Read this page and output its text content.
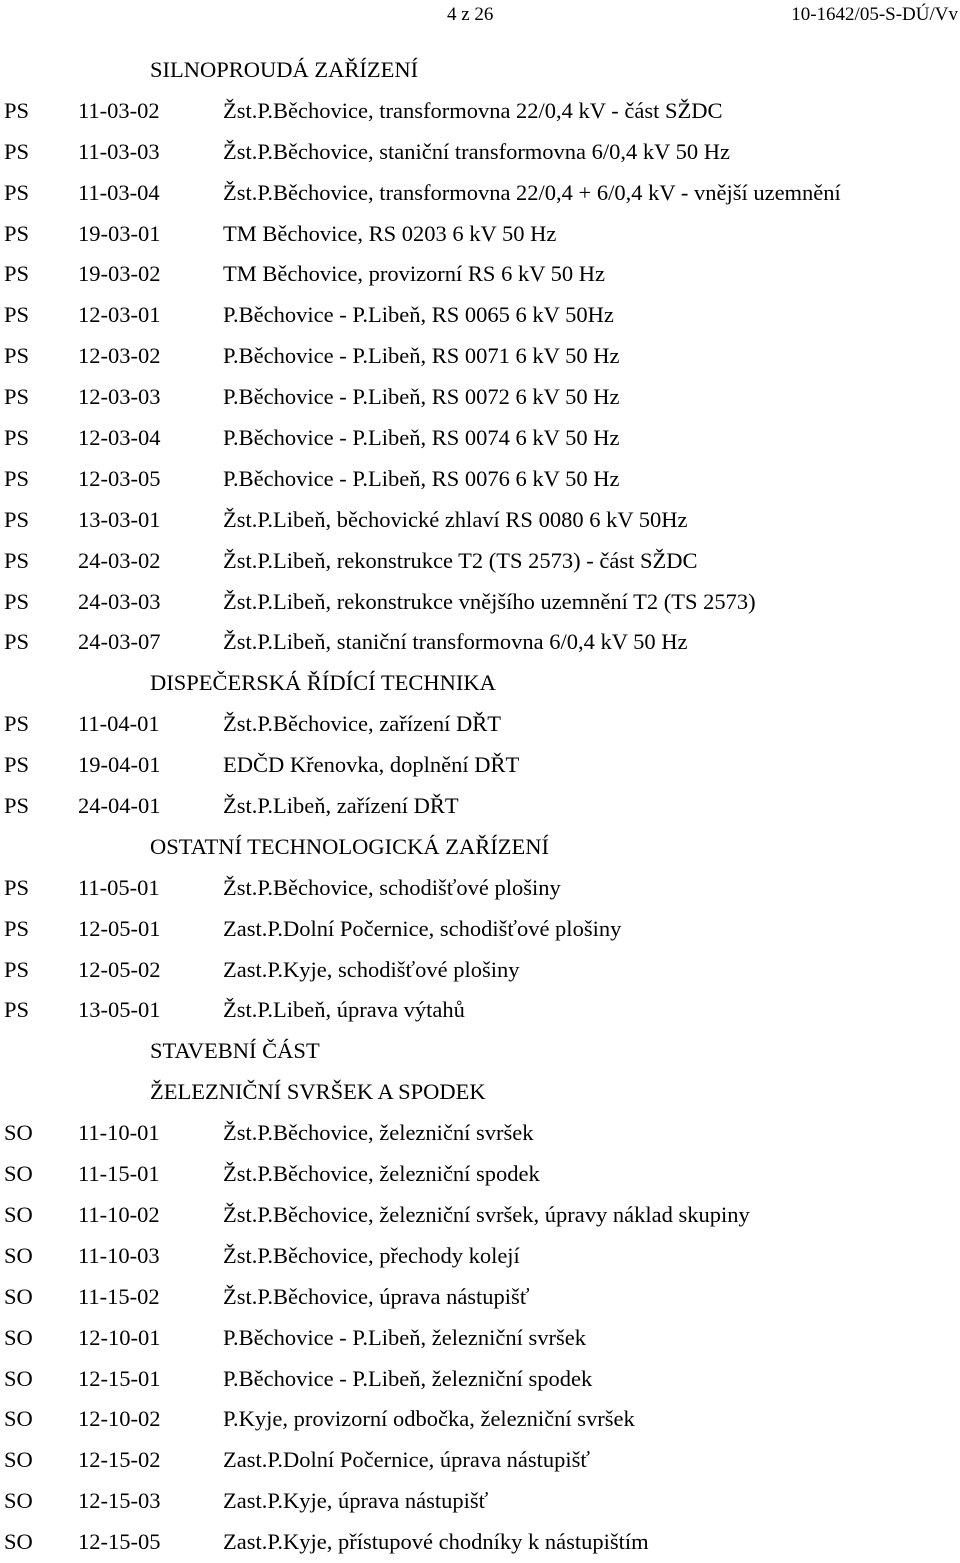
4 z 26	10-1642/05-S-DÚ/Vv
SILNOPROUDÁ ZAŘÍZENÍ
PS 11-03-02	Žst.P.Běchovice, transformovna 22/0,4 kV - část SŽDC
PS 11-03-03	Žst.P.Běchovice, staniční transformovna 6/0,4 kV 50 Hz
PS 11-03-04	Žst.P.Běchovice, transformovna 22/0,4 + 6/0,4 kV - vnější uzemnění
PS 19-03-01	TM Běchovice, RS 0203 6 kV 50 Hz
PS 19-03-02	TM Běchovice, provizorní RS 6 kV 50 Hz
PS 12-03-01	P.Běchovice - P.Libeň, RS 0065 6 kV 50Hz
PS 12-03-02	P.Běchovice - P.Libeň, RS 0071 6 kV 50 Hz
PS 12-03-03	P.Běchovice - P.Libeň, RS 0072 6 kV 50 Hz
PS 12-03-04	P.Běchovice - P.Libeň, RS 0074 6 kV 50 Hz
PS 12-03-05	P.Běchovice - P.Libeň, RS 0076 6 kV 50 Hz
PS 13-03-01	Žst.P.Libeň, běchovické zhlaví RS 0080 6 kV 50Hz
PS 24-03-02	Žst.P.Libeň, rekonstrukce T2 (TS 2573) - část SŽDC
PS 24-03-03	Žst.P.Libeň, rekonstrukce vnějšího uzemnění T2 (TS 2573)
PS 24-03-07	Žst.P.Libeň, staniční transformovna 6/0,4 kV 50 Hz
DISPEČERSKÁ ŘÍDÍCÍ TECHNIKA
PS 11-04-01	Žst.P.Běchovice, zařízení DŘT
PS 19-04-01	EDČD Křenovka, doplnění DŘT
PS 24-04-01	Žst.P.Libeň, zařízení DŘT
OSTATNÍ TECHNOLOGICKÁ ZAŘÍZENÍ
PS 11-05-01	Žst.P.Běchovice, schodišťové plošiny
PS 12-05-01	Zast.P.Dolní Počernice, schodišťové plošiny
PS 12-05-02	Zast.P.Kyje, schodišťové plošiny
PS 13-05-01	Žst.P.Libeň, úprava výtahů
STAVEBNÍ ČÁST
ŽELEZNIČNÍ SVRŠEK A SPODEK
SO 11-10-01	Žst.P.Běchovice, železniční svršek
SO 11-15-01	Žst.P.Běchovice, železniční spodek
SO 11-10-02	Žst.P.Běchovice, železniční svršek, úpravy náklad skupiny
SO 11-10-03	Žst.P.Běchovice, přechody kolejí
SO 11-15-02	Žst.P.Běchovice, úprava nástupišť
SO 12-10-01	P.Běchovice - P.Libeň, železniční svršek
SO 12-15-01	P.Běchovice - P.Libeň, železniční spodek
SO 12-10-02	P.Kyje, provizorní odbočka, železniční svršek
SO 12-15-02	Zast.P.Dolní Počernice, úprava nástupišť
SO 12-15-03	Zast.P.Kyje, úprava nástupišť
SO 12-15-05	Zast.P.Kyje, přístupové chodníky k nástupištím
